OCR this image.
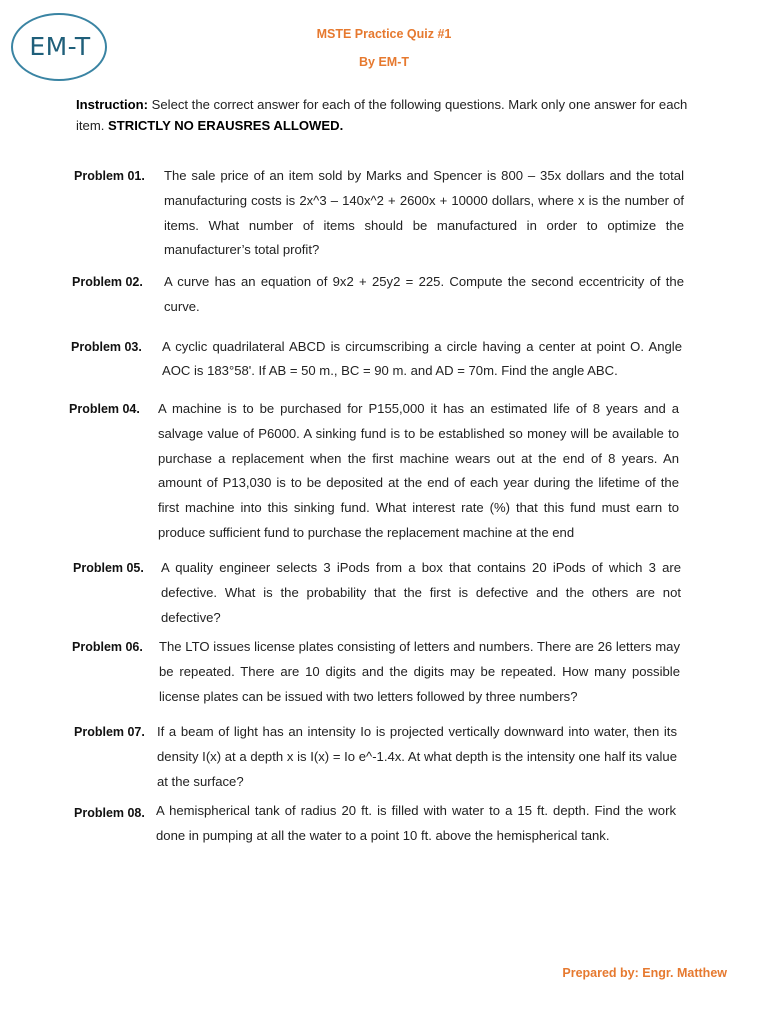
EM-T	MSTE Practice Quiz #1
By EM-T
Instruction: Select the correct answer for each of the following questions. Mark only one answer for each item. STRICTLY NO ERAUSRES ALLOWED.
Problem 01. The sale price of an item sold by Marks and Spencer is 800 – 35x dollars and the total manufacturing costs is 2x^3 – 140x^2 + 2600x + 10000 dollars, where x is the number of items. What number of items should be manufactured in order to optimize the manufacturer’s total profit?

Problem 02. A curve has an equation of 9x2 + 25y2 = 225. Compute the second eccentricity of the curve.

Problem 03. A cyclic quadrilateral ABCD is circumscribing a circle having a center at point O. Angle AOC is 183°58'. If AB = 50 m., BC = 90 m. and AD = 70m. Find the angle ABC.

Problem 04. A machine is to be purchased for P155,000 it has an estimated life of 8 years and a salvage value of P6000. A sinking fund is to be established so money will be available to purchase a replacement when the first machine wears out at the end of 8 years. An amount of P13,030 is to be deposited at the end of each year during the lifetime of the first machine into this sinking fund. What interest rate (%) that this fund must earn to produce sufficient fund to purchase the replacement machine at the end

Problem 05. A quality engineer selects 3 iPods from a box that contains 20 iPods of which 3 are defective. What is the probability that the first is defective and the others are not defective?

Problem 06. The LTO issues license plates consisting of letters and numbers. There are 26 letters may be repeated. There are 10 digits and the digits may be repeated. How many possible license plates can be issued with two letters followed by three numbers?

Problem 07. If a beam of light has an intensity Io is projected vertically downward into water, then its density I(x) at a depth x is I(x) = Io e^-1.4x. At what depth is the intensity one half its value at the surface?

Problem 08. A hemispherical tank of radius 20 ft. is filled with water to a 15 ft. depth. Find the work done in pumping at all the water to a point 10 ft. above the hemispherical tank.

Prepared by: Engr. Matthew
